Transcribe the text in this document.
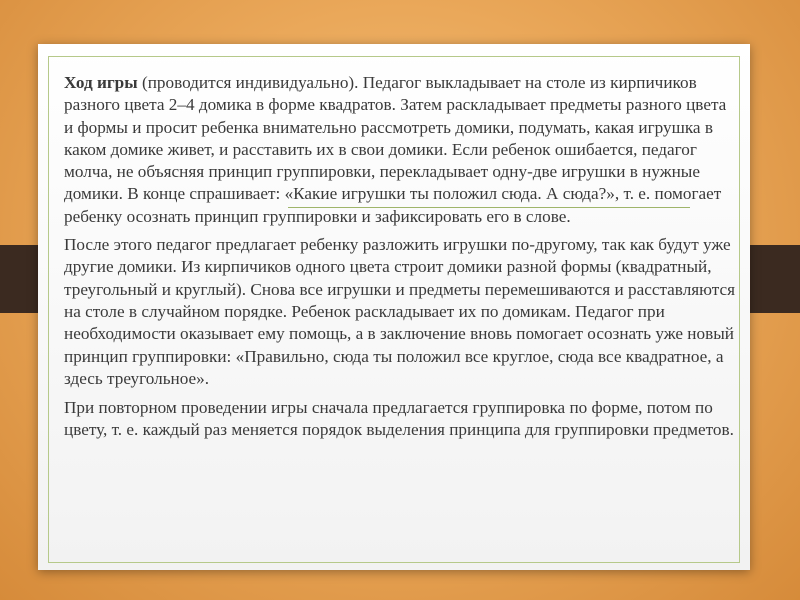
Ход игры (проводится индивидуально). Педагог выкладывает на столе из кирпичиков разного цвета 2–4 домика в форме квадратов. Затем раскладывает предметы разного цвета и формы и просит ребенка внимательно рассмотреть домики, подумать, какая игрушка в каком домике живет, и расставить их в свои домики. Если ребенок ошибается, педагог молча, не объясняя принцип группировки, перекладывает одну-две игрушки в нужные домики. В конце спрашивает: «Какие игрушки ты положил сюда. А сюда?», т. е. помогает ребенку осознать принцип группировки и зафиксировать его в слове.

После этого педагог предлагает ребенку разложить игрушки по-другому, так как будут уже другие домики. Из кирпичиков одного цвета строит домики разной формы (квадратный, треугольный и круглый). Снова все игрушки и предметы перемешиваются и расставляются на столе в случайном порядке. Ребенок раскладывает их по домикам. Педагог при необходимости оказывает ему помощь, а в заключение вновь помогает осознать уже новый принцип группировки: «Правильно, сюда ты положил все круглое, сюда все квадратное, а здесь треугольное».

При повторном проведении игры сначала предлагается группировка по форме, потом по цвету, т. е. каждый раз меняется порядок выделения принципа для группировки предметов.
